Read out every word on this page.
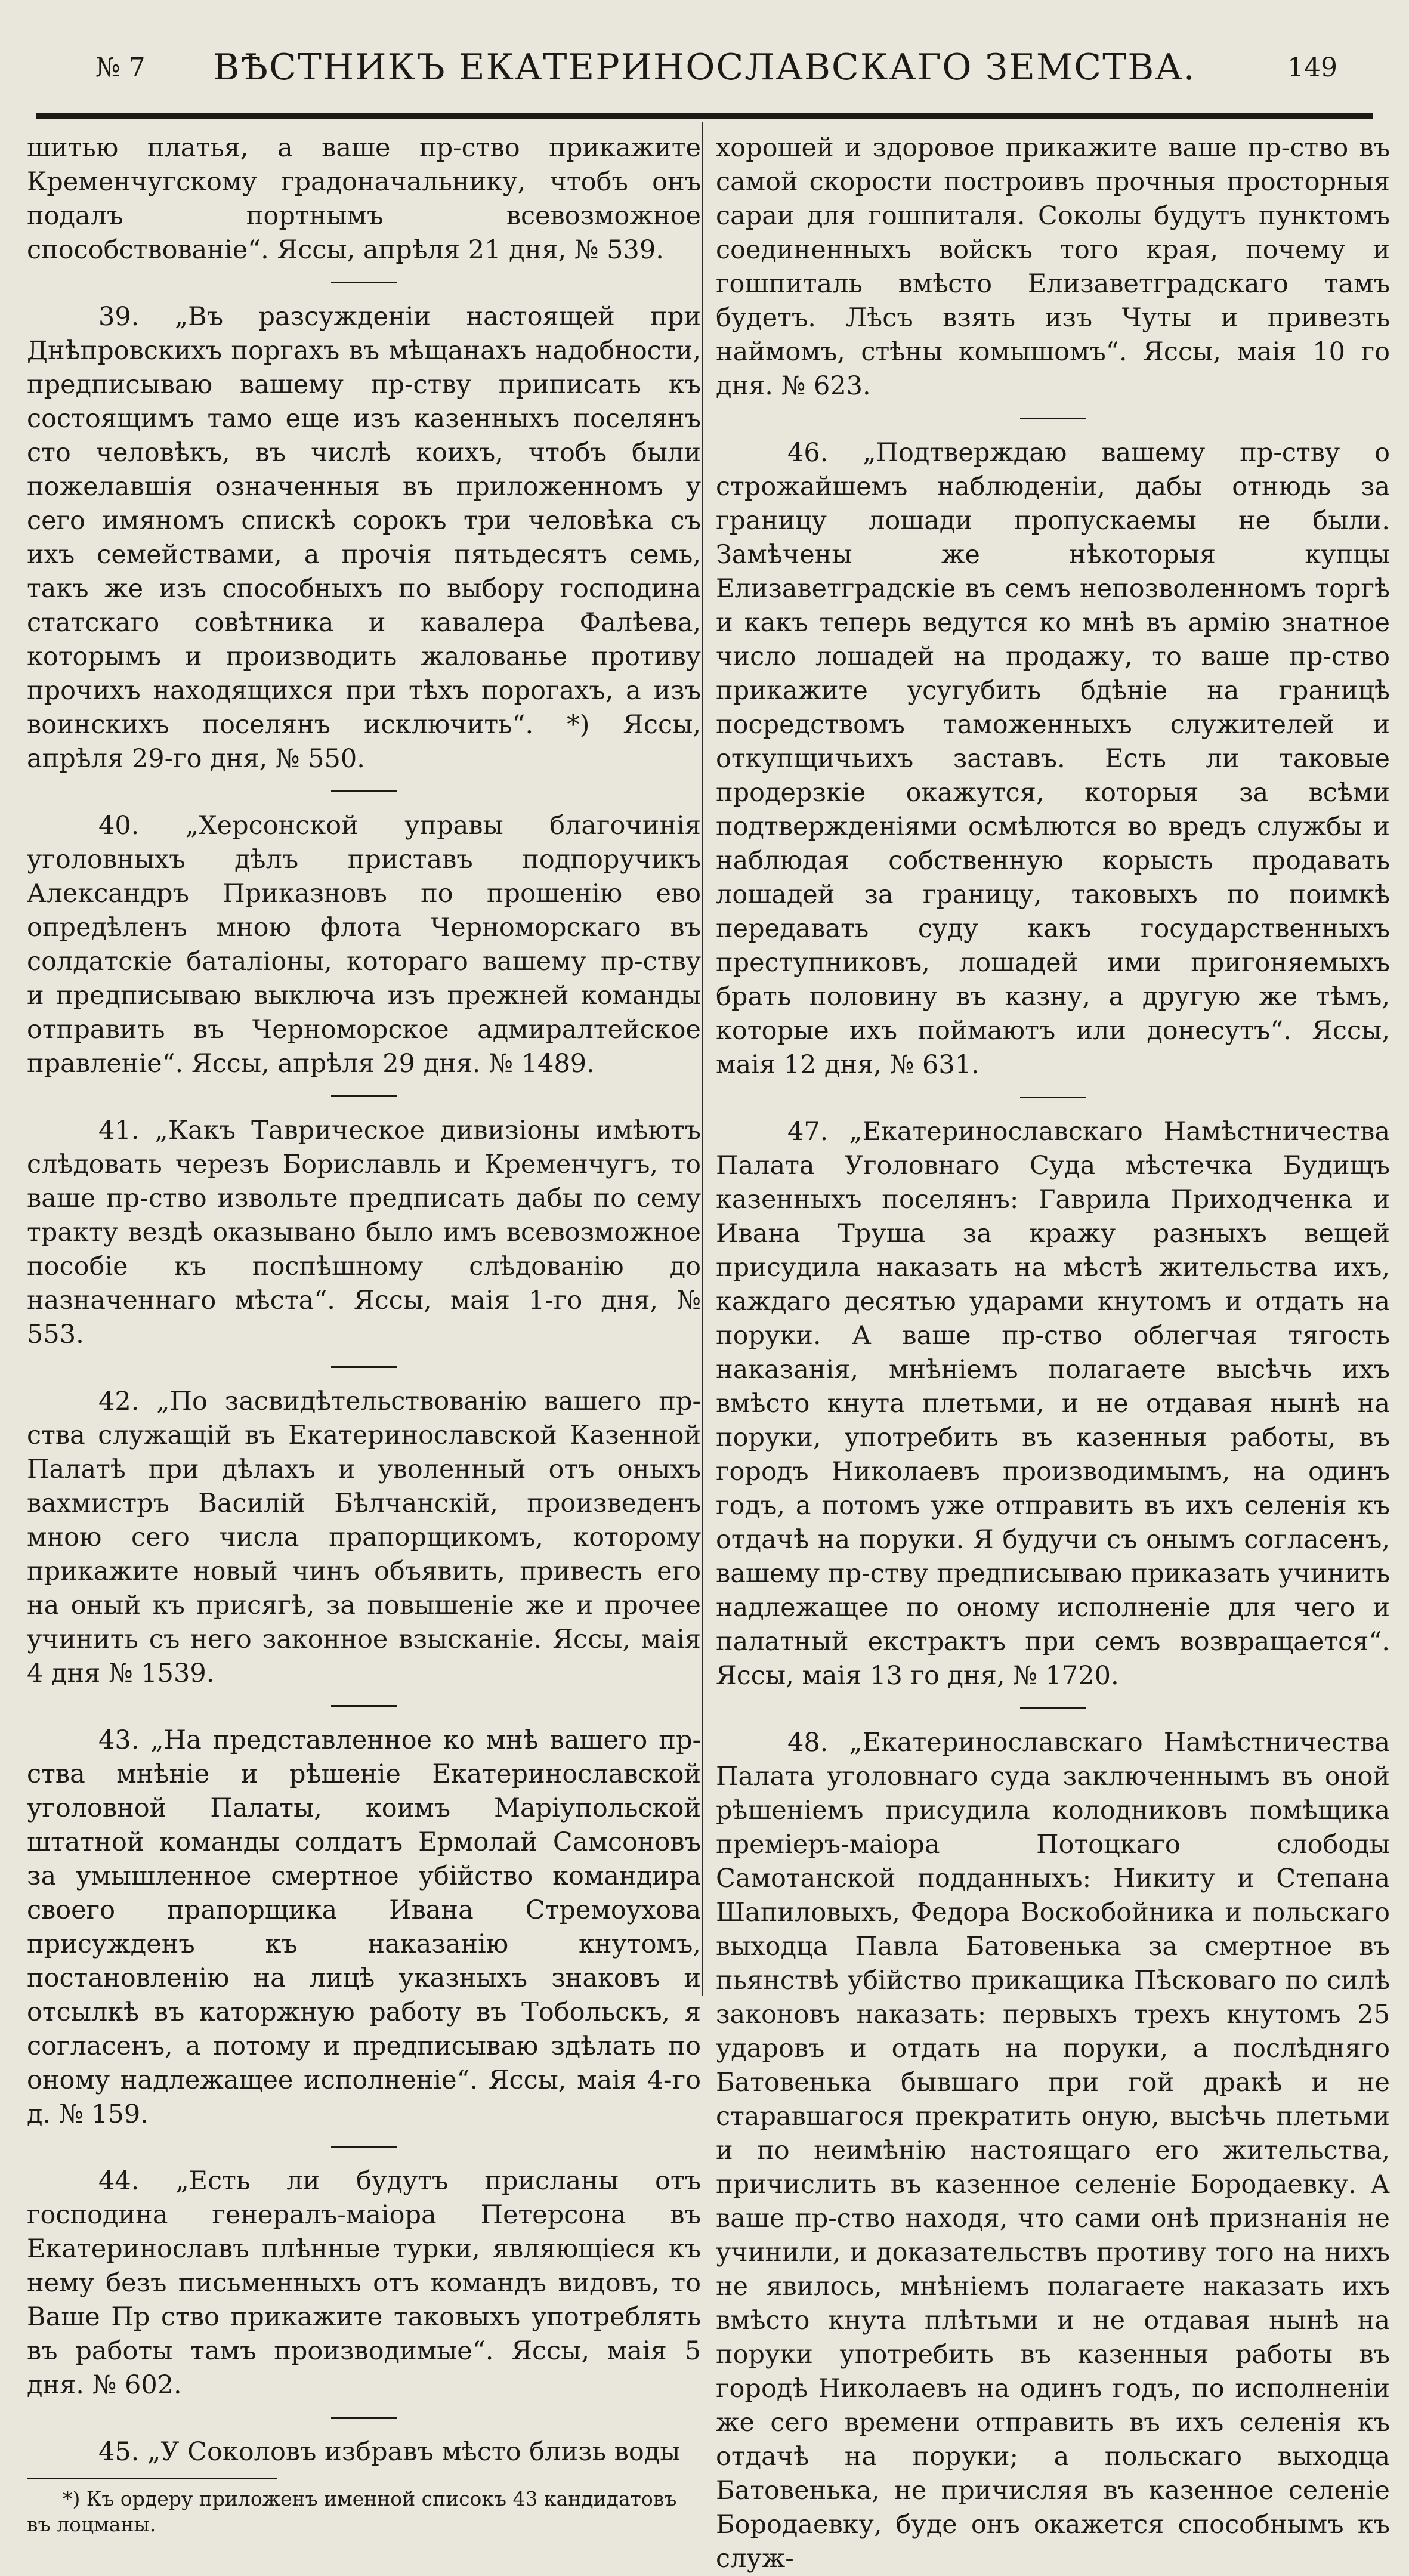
№ 7	ВѢСТНИКЪ ЕКАТЕРИНОСЛАВСКАГО ЗЕМСТВА.	149

шитью платья, а ваше пр-ство прикажите Кременчугскому градоначальнику, чтобъ онъ подалъ портнымъ всевозможное способствованіе“. Яссы, апрѣля 21 дня, № 539.

39. „Въ разсужденіи настоящей при Днѣпровскихъ поргахъ въ мѣщанахъ надобности, предписываю вашему пр-ству приписать къ состоящимъ тамо еще изъ казенныхъ поселянъ сто человѣкъ, въ числѣ коихъ, чтобъ были пожелавшія означенныя въ приложенномъ у сего имяномъ спискѣ сорокъ три человѣка съ ихъ семействами, а прочія пятьдесятъ семь, такъ же изъ способныхъ по выбору господина статскаго совѣтника и кавалера Фалѣева, которымъ и производить жалованье противу прочихъ находящихся при тѣхъ порогахъ, а изъ воинскихъ поселянъ исключить“. *) Яссы, апрѣля 29-го дня, № 550.

40. „Херсонской управы благочинія уголовныхъ дѣлъ приставъ подпоручикъ Александръ Приказновъ по прошенію ево опредѣленъ мною флота Черноморскаго въ солдатскіе баталіоны, котораго вашему пр-ству и предписываю выключа изъ прежней команды отправить въ Черноморское адмиралтейское правленіе“. Яссы, апрѣля 29 дня. № 1489.

41. „Какъ Таврическое дивизіоны имѣютъ слѣдовать черезъ Бориславль и Кременчугъ, то ваше пр-ство извольте предписать дабы по сему тракту вездѣ оказывано было имъ всевозможное пособіе къ поспѣшному слѣдованію до назначеннаго мѣста“. Яссы, маія 1-го дня, № 553.

42. „По засвидѣтельствованію вашего пр-ства служащій въ Екатеринославской Казенной Палатѣ при дѣлахъ и уволенный отъ оныхъ вахмистръ Василій Бѣлчанскій, произведенъ мною сего числа прапорщикомъ, которому прикажите новый чинъ объявить, привесть его на оный къ присягѣ, за повышеніе же и прочее учинить съ него законное взысканіе. Яссы, маія 4 дня № 1539.

43. „На представленное ко мнѣ вашего пр-ства мнѣніе и рѣшеніе Екатеринославской уголовной Палаты, коимъ Маріупольской штатной команды солдатъ Ермолай Самсоновъ за умышленное смертное убійство командира своего прапорщика Ивана Стремоухова присужденъ къ наказанію кнутомъ, постановленію на лицѣ указныхъ знаковъ и отсылкѣ въ каторжную работу въ Тобольскъ, я согласенъ, а потому и предписываю здѣлать по оному надлежащее исполненіе“. Яссы, маія 4-го д. № 159.

44. „Есть ли будутъ присланы отъ господина генералъ-маіора Петерсона въ Екатеринославъ плѣнные турки, являющіеся къ нему безъ письменныхъ отъ командъ видовъ, то Ваше Пр ство прикажите таковыхъ употреблять въ работы тамъ производимые“. Яссы, маія 5 дня. № 602.

45. „У Соколовъ избравъ мѣсто близь воды

*) Къ ордеру приложенъ именной списокъ 43 кандидатовъ въ лоцманы.

хорошей и здоровое прикажите ваше пр-ство въ самой скорости построивъ прочныя просторныя сараи для гошпиталя. Соколы будутъ пунктомъ соединенныхъ войскъ того края, почему и гошпиталь вмѣсто Елизаветградскаго тамъ будетъ. Лѣсъ взять изъ Чуты и привезть наймомъ, стѣны комышомъ“. Яссы, маія 10 го дня. № 623.

46. „Подтверждаю вашему пр-ству о строжайшемъ наблюденіи, дабы отнюдь за границу лошади пропускаемы не были. Замѣчены же нѣкоторыя купцы Елизаветградскіе въ семъ непозволенномъ торгѣ и какъ теперь ведутся ко мнѣ въ армію знатное число лошадей на продажу, то ваше пр-ство прикажите усугубить бдѣніе на границѣ посредствомъ таможенныхъ служителей и откупщичьихъ заставъ. Есть ли таковые продерзкіе окажутся, которыя за всѣми подтвержденіями осмѣлются во вредъ службы и наблюдая собственную корысть продавать лошадей за границу, таковыхъ по поимкѣ передавать суду какъ государственныхъ преступниковъ, лошадей ими пригоняемыхъ брать половину въ казну, а другую же тѣмъ, которые ихъ поймаютъ или донесутъ“. Яссы, маія 12 дня, № 631.

47. „Екатеринославскаго Намѣстничества Палата Уголовнаго Суда мѣстечка Будищъ казенныхъ поселянъ: Гаврила Приходченка и Ивана Труша за кражу разныхъ вещей присудила наказать на мѣстѣ жительства ихъ, каждаго десятью ударами кнутомъ и отдать на поруки. А ваше пр-ство облегчая тягость наказанія, мнѣніемъ полагаете высѣчь ихъ вмѣсто кнута плетьми, и не отдавая нынѣ на поруки, употребить въ казенныя работы, въ городъ Николаевъ производимымъ, на одинъ годъ, а потомъ уже отправить въ ихъ селенія къ отдачѣ на поруки. Я будучи съ онымъ согласенъ, вашему пр-ству предписываю приказать учинить надлежащее по оному исполненіе для чего и палатный екстрактъ при семъ возвращается“. Яссы, маія 13 го дня, № 1720.

48. „Екатеринославскаго Намѣстничества Палата уголовнаго суда заключеннымъ въ оной рѣшеніемъ присудила колодниковъ помѣщика преміеръ-маіора Потоцкаго слободы Самотанской подданныхъ: Никиту и Степана Шапиловыхъ, Федора Воскобойника и польскаго выходца Павла Батовенька за смертное въ пьянствѣ убійство прикащика Пѣсковаго по силѣ законовъ наказать: первыхъ трехъ кнутомъ 25 ударовъ и отдать на поруки, а послѣдняго Батовенька бывшаго при гой дракѣ и не старавшагося прекратить оную, высѣчь плетьми и по неимѣнію настоящаго его жительства, причислить въ казенное селеніе Бородаевку. А ваше пр-ство находя, что сами онѣ признанія не учинили, и доказательствъ противу того на нихъ не явилось, мнѣніемъ полагаете наказать ихъ вмѣсто кнута плѣтьми и не отдавая нынѣ на поруки употребить въ казенныя работы въ городѣ Николаевъ на одинъ годъ, по исполненіи же сего времени отправить въ ихъ селенія къ отдачѣ на поруки; а польскаго выходца Батовенька, не причисляя въ казенное селеніе Бородаевку, буде онъ окажется способнымъ къ служ-
